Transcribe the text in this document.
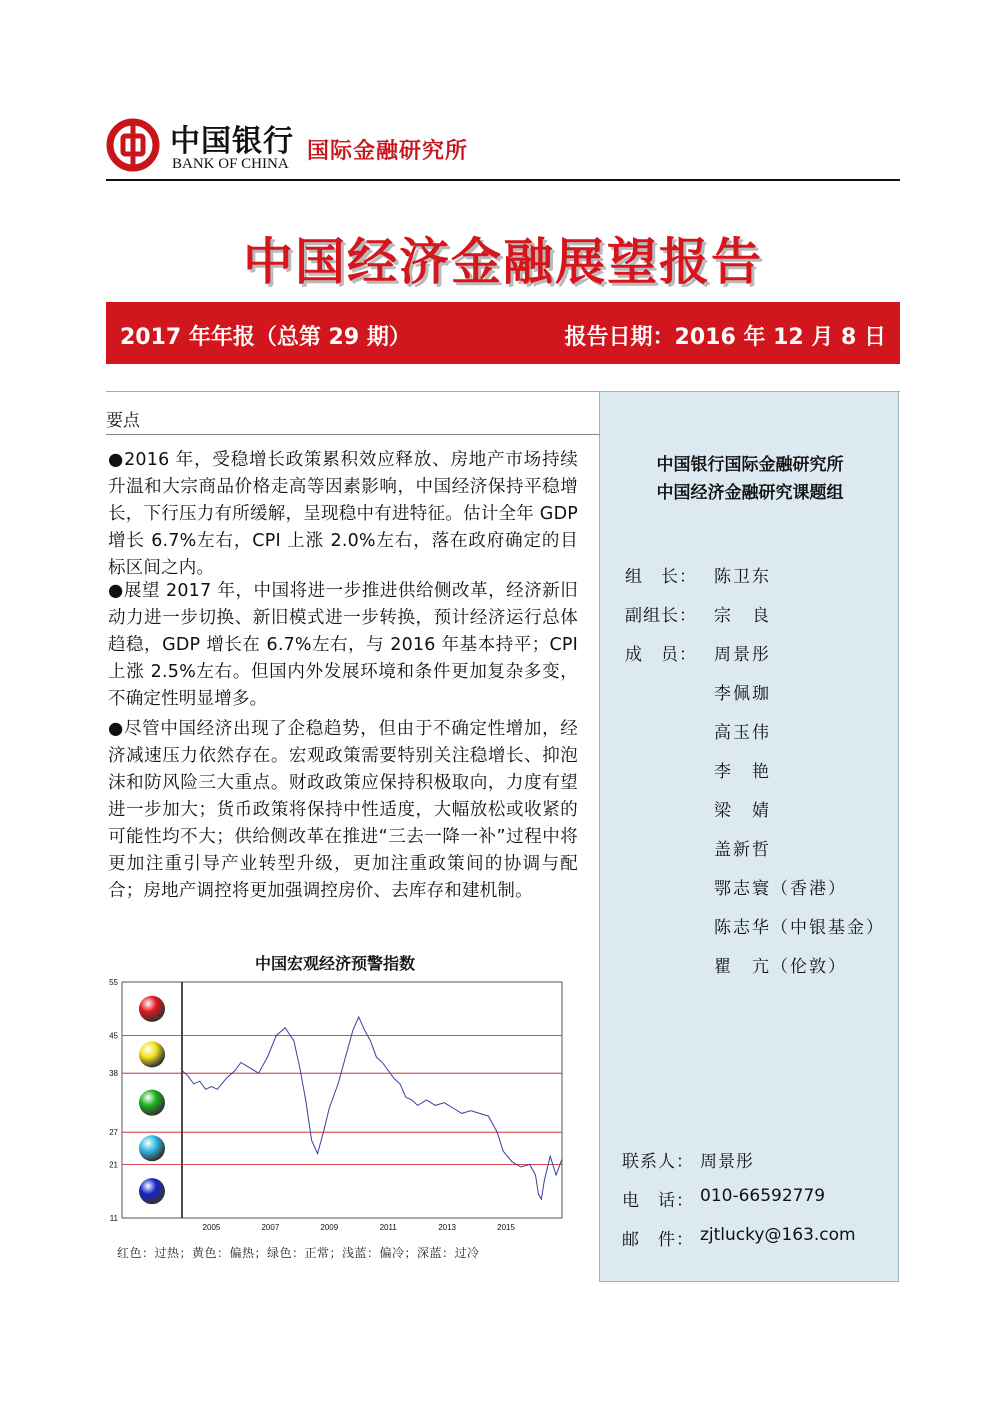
中国银行
BANK OF CHINA 国际金融研究所
中国经济金融展望报告
2017 年年报（总第 29 期）	报告日期：2016 年 12 月 8 日
要点
●2016 年，受稳增长政策累积效应释放、房地产市场持续升温和大宗商品价格走高等因素影响，中国经济保持平稳增长，下行压力有所缓解，呈现稳中有进特征。估计全年 GDP 增长 6.7%左右，CPI 上涨 2.0%左右，落在政府确定的目标区间之内。
●展望 2017 年，中国将进一步推进供给侧改革，经济新旧动力进一步切换、新旧模式进一步转换，预计经济运行总体趋稳，GDP 增长在 6.7%左右，与 2016 年基本持平；CPI 上涨 2.5%左右。但国内外发展环境和条件更加复杂多变，不确定性明显增多。
●尽管中国经济出现了企稳趋势，但由于不确定性增加，经济减速压力依然存在。宏观政策需要特别关注稳增长、抑泡沫和防风险三大重点。财政政策应保持积极取向，力度有望进一步加大；货币政策将保持中性适度，大幅放松或收紧的可能性均不大；供给侧改革在推进“三去一降一补”过程中将更加注重引导产业转型升级，更加注重政策间的协调与配合；房地产调控将更加强调控房价、去库存和建机制。
中国宏观经济预警指数
11
21
27
38
45
55
2005	2007	2009	2011	2013	2015
红色：过热；黄色：偏热；绿色：正常；浅蓝：偏冷；深蓝：过冷
中国银行国际金融研究所
中国经济金融研究课题组
组　长： 陈卫东
副组长： 宗　良
成　员： 周景彤
李佩珈
高玉伟
李　艳
梁　婧
盖新哲
鄂志寰（香港）
陈志华（中银基金）
瞿　亢（伦敦）
联系人： 周景彤
电　话： 010-66592779
邮　件： zjtlucky@163.com
